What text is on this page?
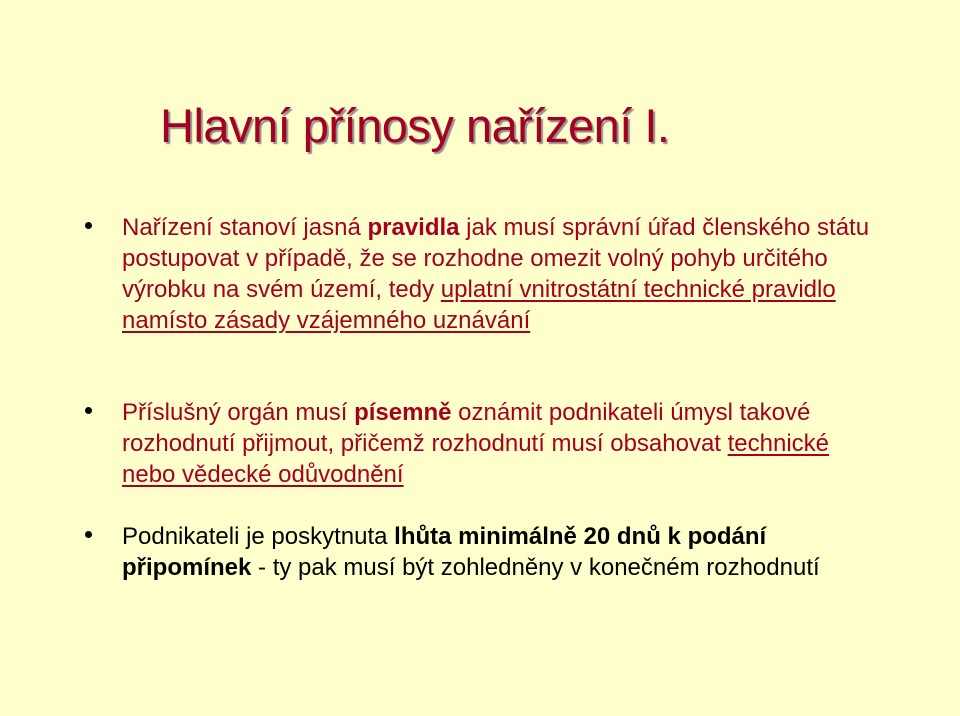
Hlavní přínosy nařízení I.
Nařízení stanoví jasná pravidla jak musí správní úřad členského státu postupovat v případě, že se rozhodne omezit volný pohyb určitého výrobku na svém území, tedy uplatní vnitrostátní technické pravidlo namísto zásady vzájemného uznávání
Příslušný orgán musí písemně oznámit podnikateli úmysl takové rozhodnutí přijmout, přičemž rozhodnutí musí obsahovat technické nebo vědecké odůvodnění
Podnikateli je poskytnuta lhůta minimálně 20 dnů k podání připomínek - ty pak musí být zohledněny v konečném rozhodnutí
